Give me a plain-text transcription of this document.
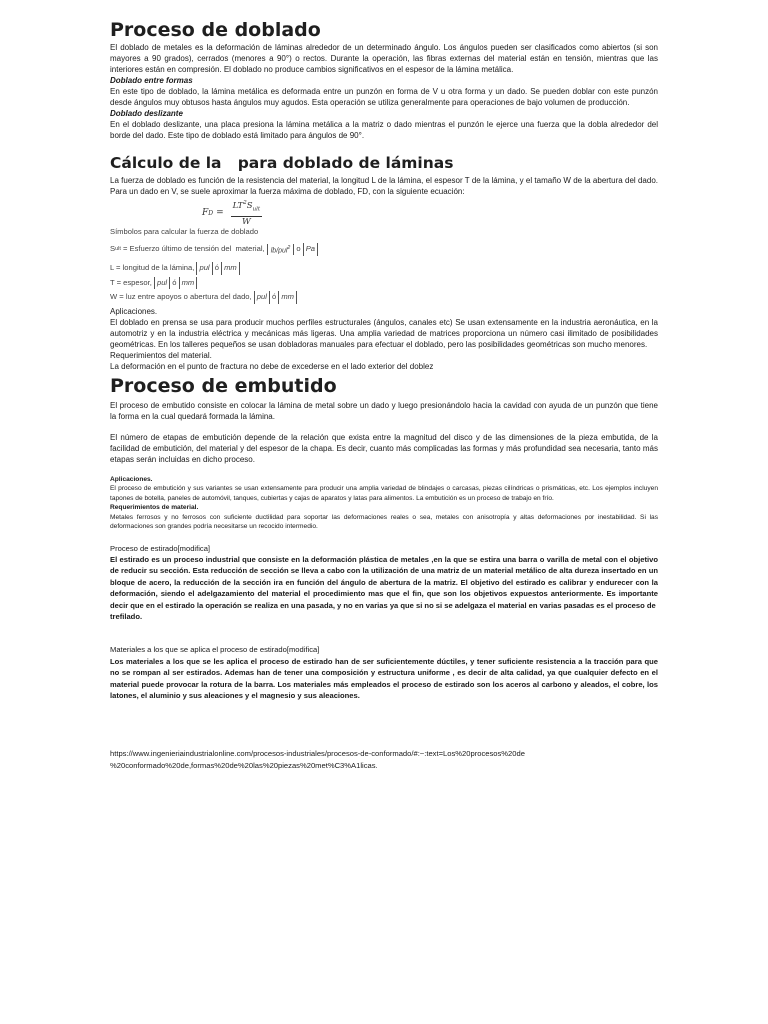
Proceso de doblado

El doblado de metales es la deformación de láminas alrededor de un determinado ángulo. Los ángulos pueden ser clasificados como abiertos (si son mayores a 90 grados), cerrados (menores a 90°) o rectos. Durante la operación, las fibras externas del material están en tensión, mientras que las interiores están en compresión. El doblado no produce cambios significativos en el espesor de la lámina metálica.

Doblado entre formas

En este tipo de doblado, la lámina metálica es deformada entre un punzón en forma de V u otra forma y un dado. Se pueden doblar con este punzón desde ángulos muy obtusos hasta ángulos muy agudos. Esta operación se utiliza generalmente para operaciones de bajo volumen de producción.

Doblado deslizante

En el doblado deslizante, una placa presiona la lámina metálica a la matriz o dado mientras el punzón le ejerce una fuerza que la dobla alrededor del borde del dado. Este tipo de doblado está limitado para ángulos de 90°.

Cálculo de la   para doblado de láminas

La fuerza de doblado es función de la resistencia del material, la longitud L de la lámina, el espesor T de la lámina, y el tamaño W de la abertura del dado. Para un dado en V, se suele aproximar la fuerza máxima de doblado, FD, con la siguiente ecuación:

F $D = \frac{LT^2S_{ult}}{W}$
Símbolos para calcular la fuerza de doblado
S ult = Esfuerzo último de tensión del  material, lb/pul$^2$ o Pa
L = longitud de la lámina, pul ó mm
T = espesor, pul ó mm
W = luz entre apoyos o abertura del dado, pul ó mm

Aplicaciones.

El doblado en prensa se usa para producir muchos perfiles estructurales (ángulos, canales etc) Se usan extensamente en la industria aeronáutica, en la automotriz y en la industria eléctrica y mecánicas más ligeras. Una amplia variedad de matrices proporciona un número casi ilimitado de posibilidades geométricas. En los talleres pequeños se usan dobladoras manuales para efectuar el doblado, pero las posibilidades geométricas son mucho menores.

Requerimientos del material.

La deformación en el punto de fractura no debe de excederse en el lado exterior del doblez

Proceso de embutido

El proceso de embutido consiste en colocar la lámina de metal sobre un dado y luego presionándolo hacia la cavidad con ayuda de un punzón que tiene la forma en la cual quedará formada la lámina.

El número de etapas de embutición depende de la relación que exista entre la magnitud del disco y de las dimensiones de la pieza embutida, de la facilidad de embutición, del material y del espesor de la chapa. Es decir, cuanto más complicadas las formas y más profundidad sea necesaria, tanto más etapas serán incluidas en dicho proceso.

Aplicaciones.

El proceso de embutición y sus variantes se usan extensamente para producir una amplia variedad de blindajes o carcasas, piezas cilíndricas o prismáticas, etc. Los ejemplos incluyen tapones de botella, paneles de automóvil, tanques, cubiertas y cajas de aparatos y latas para alimentos. La embutición es un proceso de trabajo en frío.

Requerimientos de material.

Metales ferrosos y no ferrosos con suficiente ductilidad para soportar las deformaciones reales o sea, metales con anisotropía y altas deformaciones por inestabilidad. Si las deformaciones son grandes podría necesitarse un recocido intermedio.

Proceso de estirado[modifica]

El estirado es un proceso industrial que consiste en la deformación plástica de metales ,en la que se estira una barra o varilla de metal con el objetivo de reducir su sección. Esta reducción de sección se lleva a cabo con la utilización de una matriz de un material metálico de alta dureza insertado en un bloque de acero, la reducción de la sección ira en función del ángulo de abertura de la matriz. El objetivo del estirado es calibrar y endurecer con la deformación, siendo el adelgazamiento del material el procedimiento mas que el fin, que son los objetivos expuestos anteriormente. Es importante decir que en el estirado la operación se realiza en una pasada, y no en varias ya que si no si se adelgaza el material en varias pasadas es el proceso de

trefilado.

Materiales a los que se aplica el proceso de estirado[modifica]

Los materiales a los que se les aplica el proceso de estirado han de ser suficientemente dúctiles, y tener suficiente resistencia a la tracción para que no se rompan al ser estirados. Ademas han de tener una composición y estructura uniforme , es decir de alta calidad, ya que cualquier defecto en el material puede provocar la rotura de la barra. Los materiales más empleados el proceso de estirado son los aceros al carbono y aleados, el cobre, los latones, el aluminio y sus aleaciones y el magnesio y sus aleaciones.

https://www.ingenieriaindustrialonline.com/procesos-industriales/procesos-de-conformado/#:~:text=Los%20procesos%20de
%20conformado%20de,formas%20de%20las%20piezas%20met%C3%A1licas.
